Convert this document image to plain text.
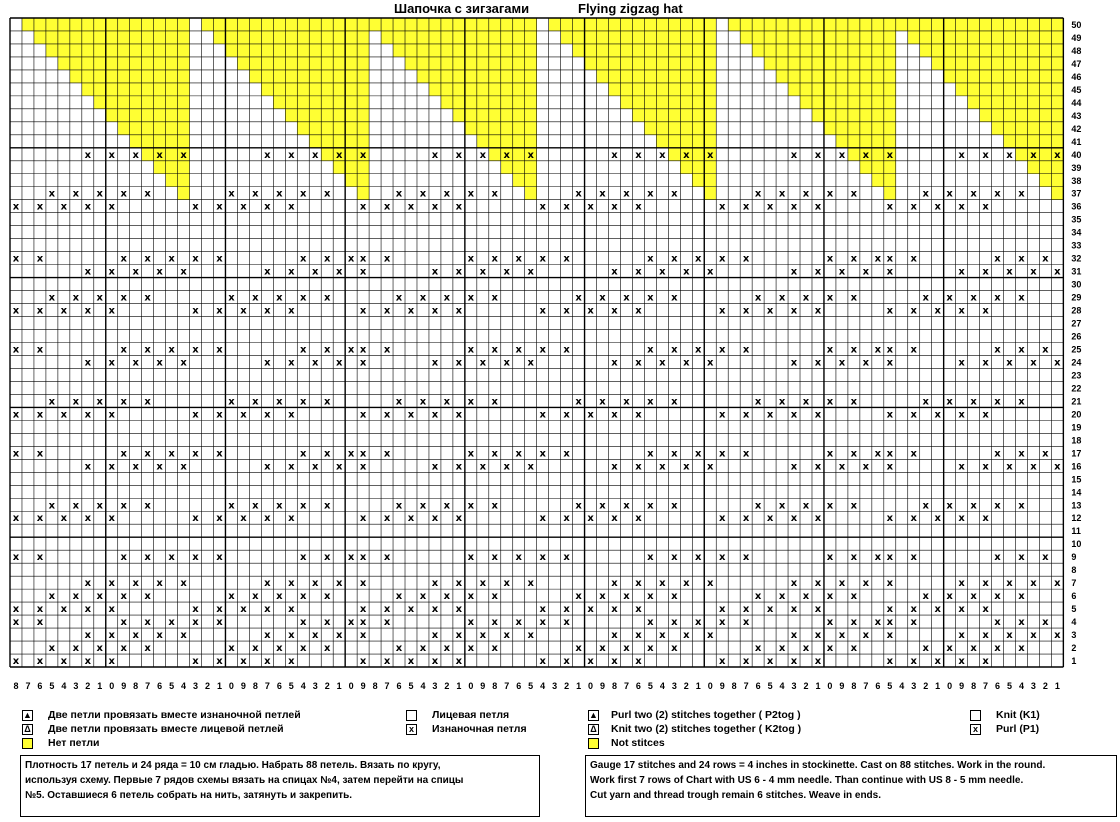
Шапочка с зигзагами	Flying zigzag hat
x x x x x
x x x x x
x x x x x
x x x
x x
x x x x x
x x x x x
x x x x x
x x x
x x
x x x x x
x x x x x
x x x x x
x x x
x x
x x x x x
x x x x x
x x x x x
x x x
x x
x x x x x
x x x x x
x x x x x
x x x
x x
x x x x x
x x x x x
x x x x x
x x x x x
x x x x x
x x x x x
x x x
x x
x x x x x
x x x x x
x x x x x
x x x
x x
x x x x x
x x x x x
x x x x x
x x x
x x
x x x x x
x x x x x
x x x x x
x x x
x x
x x x x x
x x x x x
x x x x x
x x x
x x
x x x x x
x x x x x
x x x x x
x x x x x
x x x x x
x x x x x
x x x
x x
x x x x x
x x x x x
x x x x x
x x x
x x
x x x x x
x x x x x
x x x x x
x x x
x x
x x x x x
x x x x x
x x x x x
x x x
x x
x x x x x
x x x x x
x x x x x
x x x
x x
x x x x x
x x x x x
x x x x x
x x x x x
x x x x x
x x x x x
x x x
x x
x x x x x
x x x x x
x x x x x
x x x
x x
x x x x x
x x x x x
x x x x x
x x x
x x
x x x x x
x x x x x
x x x x x
x x x
x x
x x x x x
x x x x x
x x x x x
x x x
x x
x x x x x
x x x x x
x x x x x
x x x x x
x x x x x
x x x x x
x x x
x x
x x x x x
x x x x x
x x x x x
x x x
x x
x x x x x
x x x x x
x x x x x
x x x
x x
x x x x x
x x x x x
x x x x x
x x x
x x
x x x x x
x x x x x
x x x x x
x x x
x x
x x x x x
x x x x x
x x x x x
x x x x x
x x x x x
x x x x x
x x x
x x
x x x x x
x x x x x
x x x x x
x x x
x x
x x x x x
x x x x x
x x x x x
x x x
x x
x x x x x
x x x x x
x x x x x
x x x
x x
x x x x x
x x x x x
x x x x x
x x x
x x
x x x x x
x x x x x
x x x x x
1
2
3
4
5
6
7
8
9
10
11
12
13
14
15
16
17
18
19
20
21
22
23
24
25
26
27
28
29
30
31
32
33
34
35
36
37
38
39
40
41
42
43
44
45
46
47
48
49
50
8 7 6 5 4 3 2 1 0 9 8 7 6 5 4 3 2 1 0 9 8 7 6 5 4 3 2 1 0 9 8 7 6 5 4 3 2 1 0 9 8 7 6 5 4 3 2 1 0 9 8 7 6 5 4 3 2 1 0 9 8 7 6 5 4 3 2 1 0 9 8 7 6 5 4 3 2 1 0 9 8 7 6 5 4 3 2 1
▲ Две петли провязать вместе изнаночной петлей
Δ Две петли провязать вместе лицевой петлей
Нет петли
Лицевая петля
x Изнаночная петля
▲ Purl two (2) stitches together ( P2tog )
Δ Knit two (2) stitches together ( K2tog )
Not stitces
Knit (K1)
x Purl (P1)
Плотность 17 петель и 24 ряда = 10 см гладью. Набрать 88 петель. Вязать по кругу,
используя схему. Первые 7 рядов схемы вязать на спицах №4, затем перейти на спицы
№5. Оставшиеся 6 петель собрать на нить, затянуть и закрепить.
Gauge 17 stitches and 24 rows = 4 inches in stockinette. Cast on 88 stitches. Work in the round.
Work first 7 rows of Chart with US 6 - 4 mm needle. Than continue with US 8 - 5 mm needle.
Cut yarn and thread trough remain 6 stitches. Weave in ends.
